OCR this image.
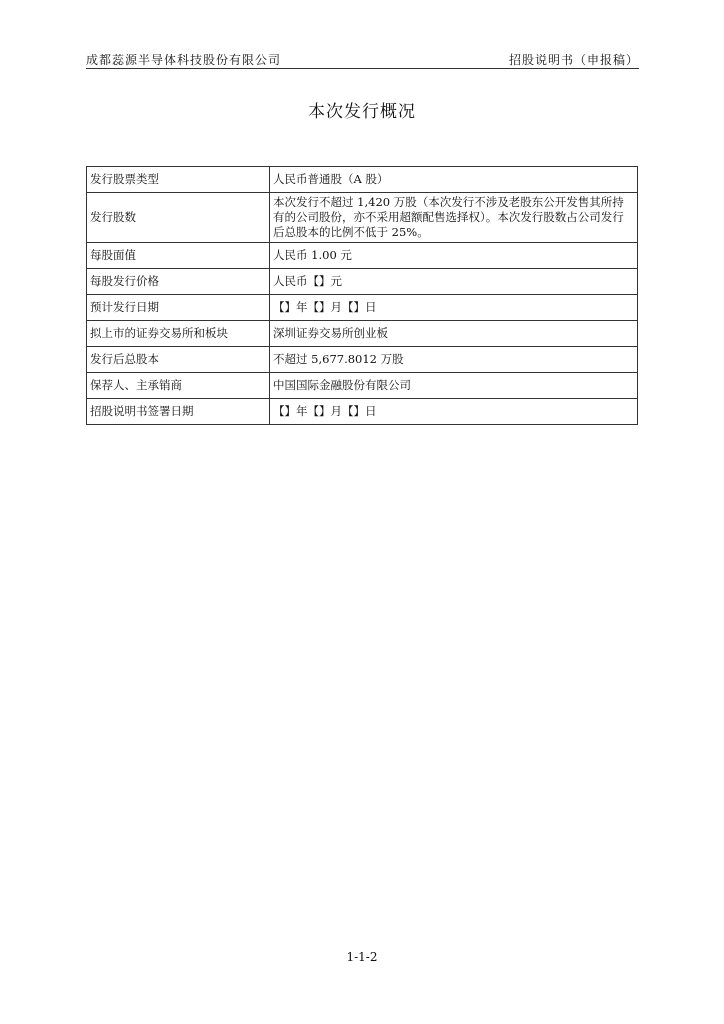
成都蕊源半导体科技股份有限公司	招股说明书（申报稿）
本次发行概况
发行股票类型	人民币普通股（A 股）
发行股数	本次发行不超过 1,420 万股（本次发行不涉及老股东公开发售其所持有的公司股份，亦不采用超额配售选择权）。本次发行股数占公司发行后总股本的比例不低于 25%。
每股面值	人民币 1.00 元
每股发行价格	人民币【】元
预计发行日期	【】年【】月【】日
拟上市的证券交易所和板块	深圳证券交易所创业板
发行后总股本	不超过 5,677.8012 万股
保荐人、主承销商	中国国际金融股份有限公司
招股说明书签署日期	【】年【】月【】日
1-1-2
